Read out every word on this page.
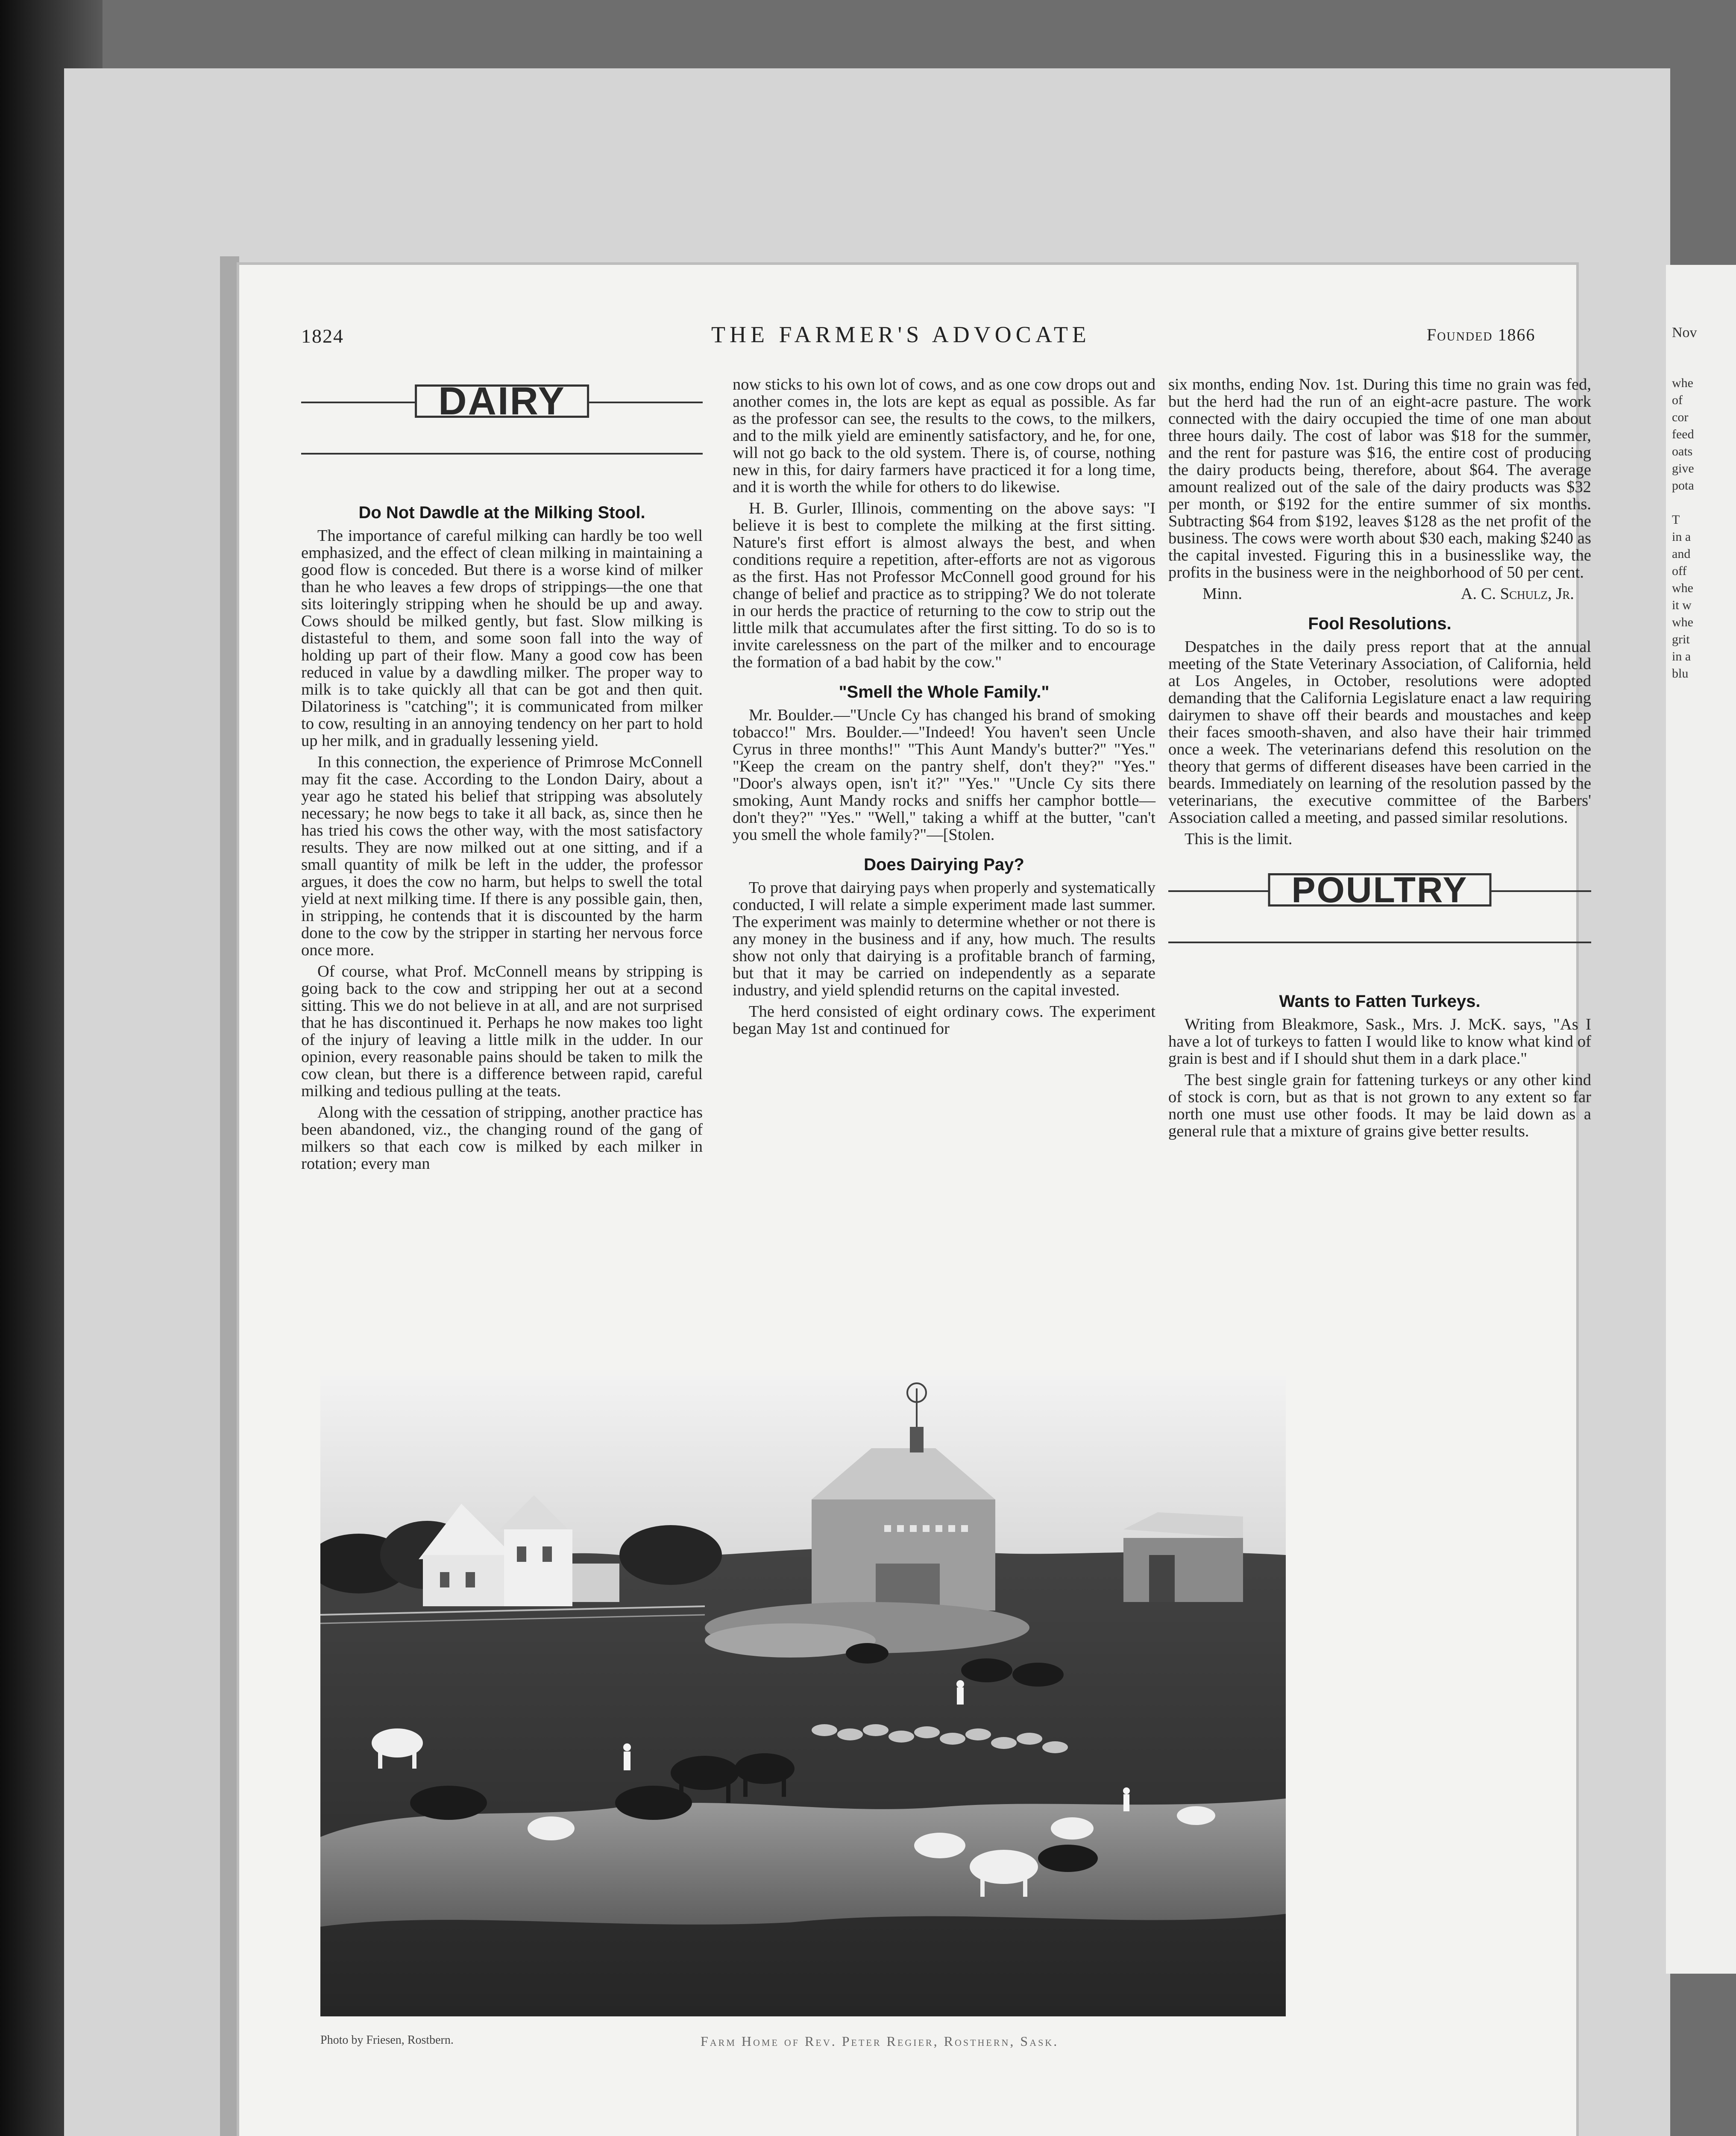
Nov
whe
of
cor
feed
oats
give
pota
T
in a
and
off
whe
it w
whe
grit
in a
blu
1824	THE FARMER'S ADVOCATE	Founded 1866
DAIRY
Do Not Dawdle at the Milking Stool.

The importance of careful milking can hardly be too well emphasized, and the effect of clean milking in maintaining a good flow is conceded. But there is a worse kind of milker than he who leaves a few drops of strippings—the one that sits loiteringly stripping when he should be up and away. Cows should be milked gently, but fast. Slow milking is distasteful to them, and some soon fall into the way of holding up part of their flow. Many a good cow has been reduced in value by a dawdling milker. The proper way to milk is to take quickly all that can be got and then quit. Dilatoriness is "catching"; it is communicated from milker to cow, resulting in an annoying tendency on her part to hold up her milk, and in gradually lessening yield.

In this connection, the experience of Primrose McConnell may fit the case. According to the London Dairy, about a year ago he stated his belief that stripping was absolutely necessary; he now begs to take it all back, as, since then he has tried his cows the other way, with the most satisfactory results. They are now milked out at one sitting, and if a small quantity of milk be left in the udder, the professor argues, it does the cow no harm, but helps to swell the total yield at next milking time. If there is any possible gain, then, in stripping, he contends that it is discounted by the harm done to the cow by the stripper in starting her nervous force once more.

Of course, what Prof. McConnell means by stripping is going back to the cow and stripping her out at a second sitting. This we do not believe in at all, and are not surprised that he has discontinued it. Perhaps he now makes too light of the injury of leaving a little milk in the udder. In our opinion, every reasonable pains should be taken to milk the cow clean, but there is a difference between rapid, careful milking and tedious pulling at the teats.

Along with the cessation of stripping, another practice has been abandoned, viz., the changing round of the gang of milkers so that each cow is milked by each milker in rotation; every man

now sticks to his own lot of cows, and as one cow drops out and another comes in, the lots are kept as equal as possible. As far as the professor can see, the results to the cows, to the milkers, and to the milk yield are eminently satisfactory, and he, for one, will not go back to the old system. There is, of course, nothing new in this, for dairy farmers have practiced it for a long time, and it is worth the while for others to do likewise.

H. B. Gurler, Illinois, commenting on the above says: "I believe it is best to complete the milking at the first sitting. Nature's first effort is almost always the best, and when conditions require a repetition, after-efforts are not as vigorous as the first. Has not Professor McConnell good ground for his change of belief and practice as to stripping? We do not tolerate in our herds the practice of returning to the cow to strip out the little milk that accumulates after the first sitting. To do so is to invite carelessness on the part of the milker and to encourage the formation of a bad habit by the cow."

"Smell the Whole Family."

Mr. Boulder.—"Uncle Cy has changed his brand of smoking tobacco!" Mrs. Boulder.—"Indeed! You haven't seen Uncle Cyrus in three months!" "This Aunt Mandy's butter?" "Yes." "Keep the cream on the pantry shelf, don't they?" "Yes." "Door's always open, isn't it?" "Yes." "Uncle Cy sits there smoking, Aunt Mandy rocks and sniffs her camphor bottle—don't they?" "Yes." "Well," taking a whiff at the butter, "can't you smell the whole family?"—[Stolen.

Does Dairying Pay?

To prove that dairying pays when properly and systematically conducted, I will relate a simple experiment made last summer. The experiment was mainly to determine whether or not there is any money in the business and if any, how much. The results show not only that dairying is a profitable branch of farming, but that it may be carried on independently as a separate industry, and yield splendid returns on the capital invested.

The herd consisted of eight ordinary cows. The experiment began May 1st and continued for

six months, ending Nov. 1st. During this time no grain was fed, but the herd had the run of an eight-acre pasture. The work connected with the dairy occupied the time of one man about three hours daily. The cost of labor was $18 for the summer, and the rent for pasture was $16, the entire cost of producing the dairy products being, therefore, about $64. The average amount realized out of the sale of the dairy products was $32 per month, or $192 for the entire summer of six months. Subtracting $64 from $192, leaves $128 as the net profit of the business. The cows were worth about $30 each, making $240 as the capital invested. Figuring this in a businesslike way, the profits in the business were in the neighborhood of 50 per cent.

Minn.	A. C. Schulz, Jr.

Fool Resolutions.

Despatches in the daily press report that at the annual meeting of the State Veterinary Association, of California, held at Los Angeles, in October, resolutions were adopted demanding that the California Legislature enact a law requiring dairymen to shave off their beards and moustaches and keep their faces smooth-shaven, and also have their hair trimmed once a week. The veterinarians defend this resolution on the theory that germs of different diseases have been carried in the beards. Immediately on learning of the resolution passed by the veterinarians, the executive committee of the Barbers' Association called a meeting, and passed similar resolutions.

This is the limit.

POULTRY
Wants to Fatten Turkeys.

Writing from Bleakmore, Sask., Mrs. J. McK. says, "As I have a lot of turkeys to fatten I would like to know what kind of grain is best and if I should shut them in a dark place."

The best single grain for fattening turkeys or any other kind of stock is corn, but as that is not grown to any extent so far north one must use other foods. It may be laid down as a general rule that a mixture of grains give better results.

Photo by Friesen, Rostbern.	Farm Home of Rev. Peter Regier, Rosthern, Sask.
